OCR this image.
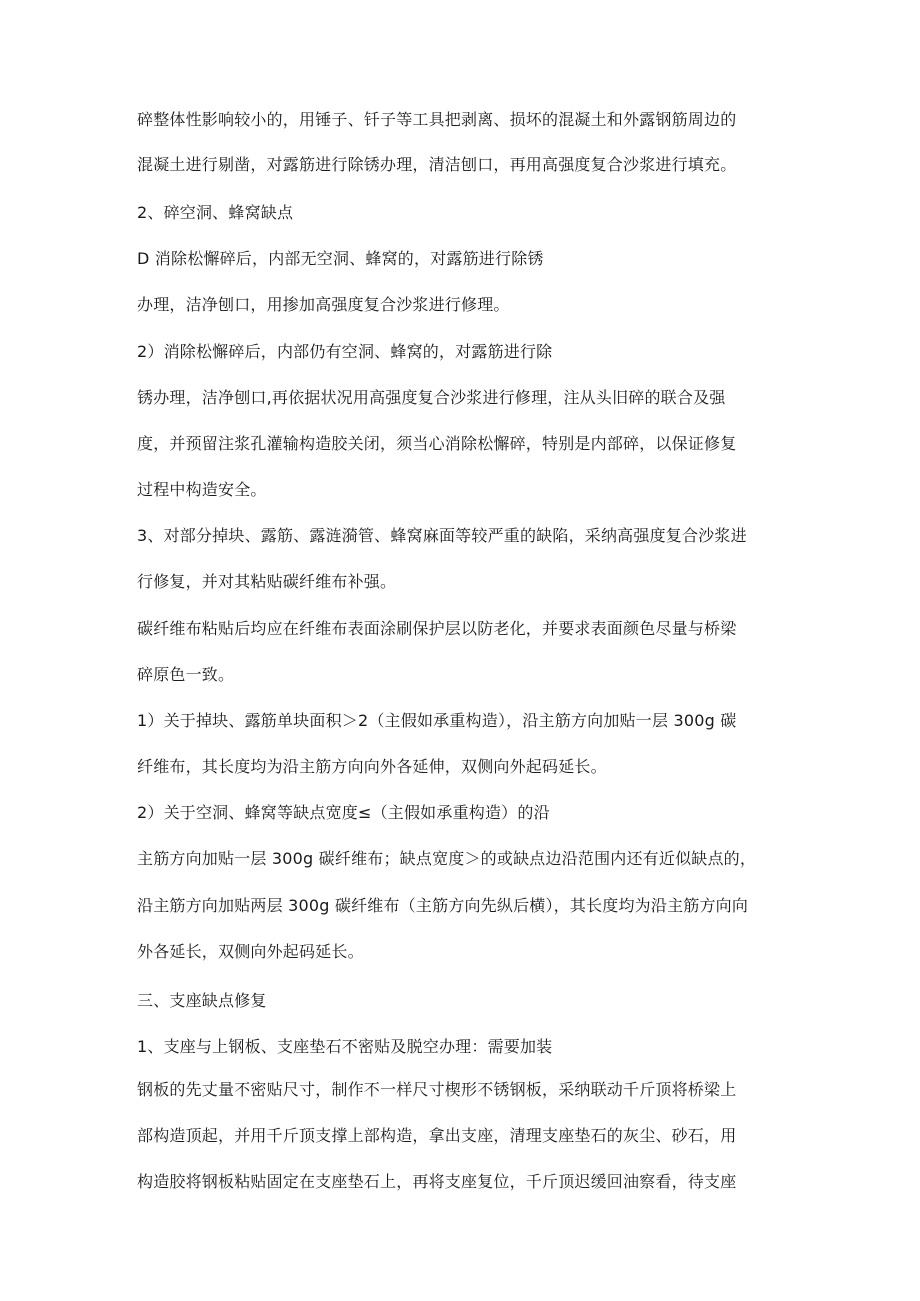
碎整体性影响较小的，用锤子、钎子等工具把剥离、损坏的混凝土和外露钢筋周边的
混凝土进行剔凿，对露筋进行除锈办理，清洁刨口，再用高强度复合沙浆进行填充。
2、碎空洞、蜂窝缺点
D 消除松懈碎后，内部无空洞、蜂窝的，对露筋进行除锈
办理，洁净刨口，用掺加高强度复合沙浆进行修理。
2）消除松懈碎后，内部仍有空洞、蜂窝的，对露筋进行除
锈办理，洁净刨口,再依据状况用高强度复合沙浆进行修理，注从头旧碎的联合及强
度，并预留注浆孔灌输构造胶关闭，须当心消除松懈碎，特别是内部碎，以保证修复
过程中构造安全。
3、对部分掉块、露筋、露涟漪管、蜂窝麻面等较严重的缺陷，采纳高强度复合沙浆进
行修复，并对其粘贴碳纤维布补强。
碳纤维布粘贴后均应在纤维布表面涂刷保护层以防老化，并要求表面颜色尽量与桥梁
碎原色一致。
1）关于掉块、露筋单块面积＞2（主假如承重构造），沿主筋方向加贴一层 300g 碳
纤维布，其长度均为沿主筋方向向外各延伸，双侧向外起码延长。
2）关于空洞、蜂窝等缺点宽度≤（主假如承重构造）的沿
主筋方向加贴一层 300g 碳纤维布；缺点宽度＞的或缺点边沿范围内还有近似缺点的，
沿主筋方向加贴两层 300g 碳纤维布（主筋方向先纵后横），其长度均为沿主筋方向向
外各延长，双侧向外起码延长。
三、支座缺点修复
1、支座与上钢板、支座垫石不密贴及脱空办理：需要加装
钢板的先丈量不密贴尺寸，制作不一样尺寸楔形不锈钢板，采纳联动千斤顶将桥梁上
部构造顶起，并用千斤顶支撑上部构造，拿出支座，清理支座垫石的灰尘、砂石，用
构造胶将钢板粘贴固定在支座垫石上，再将支座复位，千斤顶迟缓回油察看，待支座
